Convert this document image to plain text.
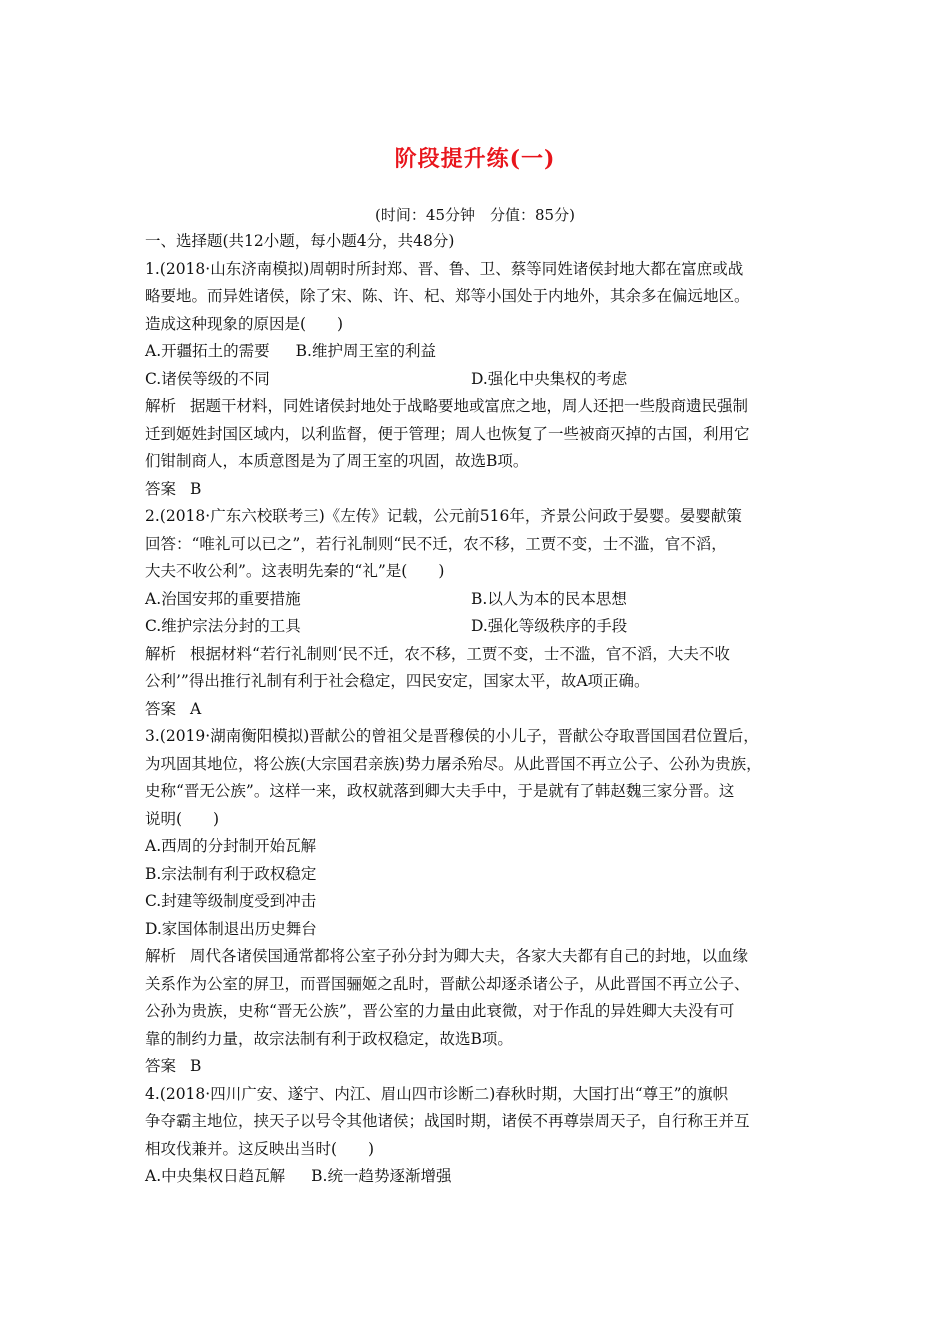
阶段提升练(一)
(时间：45分钟　分值：85分)
一、选择题(共12小题，每小题4分，共48分)
1.(2018·山东济南模拟)周朝时所封郑、晋、鲁、卫、蔡等同姓诸侯封地大都在富庶或战
略要地。而异姓诸侯，除了宋、陈、许、杞、郑等小国处于内地外，其余多在偏远地区。
造成这种现象的原因是(　　)
A.开疆拓土的需要 B.维护周王室的利益
C.诸侯等级的不同	D.强化中央集权的考虑
解析 据题干材料，同姓诸侯封地处于战略要地或富庶之地，周人还把一些殷商遗民强制
迁到姬姓封国区域内，以利监督，便于管理；周人也恢复了一些被商灭掉的古国，利用它
们钳制商人，本质意图是为了周王室的巩固，故选B项。
答案 B
2.(2018·广东六校联考三)《左传》记载，公元前516年，齐景公问政于晏婴。晏婴献策
回答：“唯礼可以已之”，若行礼制则“民不迁，农不移，工贾不变，士不滥，官不滔，
大夫不收公利”。这表明先秦的“礼”是(　　)
A.治国安邦的重要措施	B.以人为本的民本思想
C.维护宗法分封的工具	D.强化等级秩序的手段
解析 根据材料“若行礼制则‘民不迁，农不移，工贾不变，士不滥，官不滔，大夫不收
公利’”得出推行礼制有利于社会稳定，四民安定，国家太平，故A项正确。
答案 A
3.(2019·湖南衡阳模拟)晋献公的曾祖父是晋穆侯的小儿子，晋献公夺取晋国国君位置后，
为巩固其地位，将公族(大宗国君亲族)势力屠杀殆尽。从此晋国不再立公子、公孙为贵族，
史称“晋无公族”。这样一来，政权就落到卿大夫手中，于是就有了韩赵魏三家分晋。这
说明(　　)
A.西周的分封制开始瓦解
B.宗法制有利于政权稳定
C.封建等级制度受到冲击
D.家国体制退出历史舞台
解析 周代各诸侯国通常都将公室子孙分封为卿大夫，各家大夫都有自己的封地，以血缘
关系作为公室的屏卫，而晋国骊姬之乱时，晋献公却逐杀诸公子，从此晋国不再立公子、
公孙为贵族，史称“晋无公族”，晋公室的力量由此衰微，对于作乱的异姓卿大夫没有可
靠的制约力量，故宗法制有利于政权稳定，故选B项。
答案 B
4.(2018·四川广安、遂宁、内江、眉山四市诊断二)春秋时期，大国打出“尊王”的旗帜
争夺霸主地位，挟天子以号令其他诸侯；战国时期，诸侯不再尊崇周天子，自行称王并互
相攻伐兼并。这反映出当时(　　)
A.中央集权日趋瓦解 B.统一趋势逐渐增强
